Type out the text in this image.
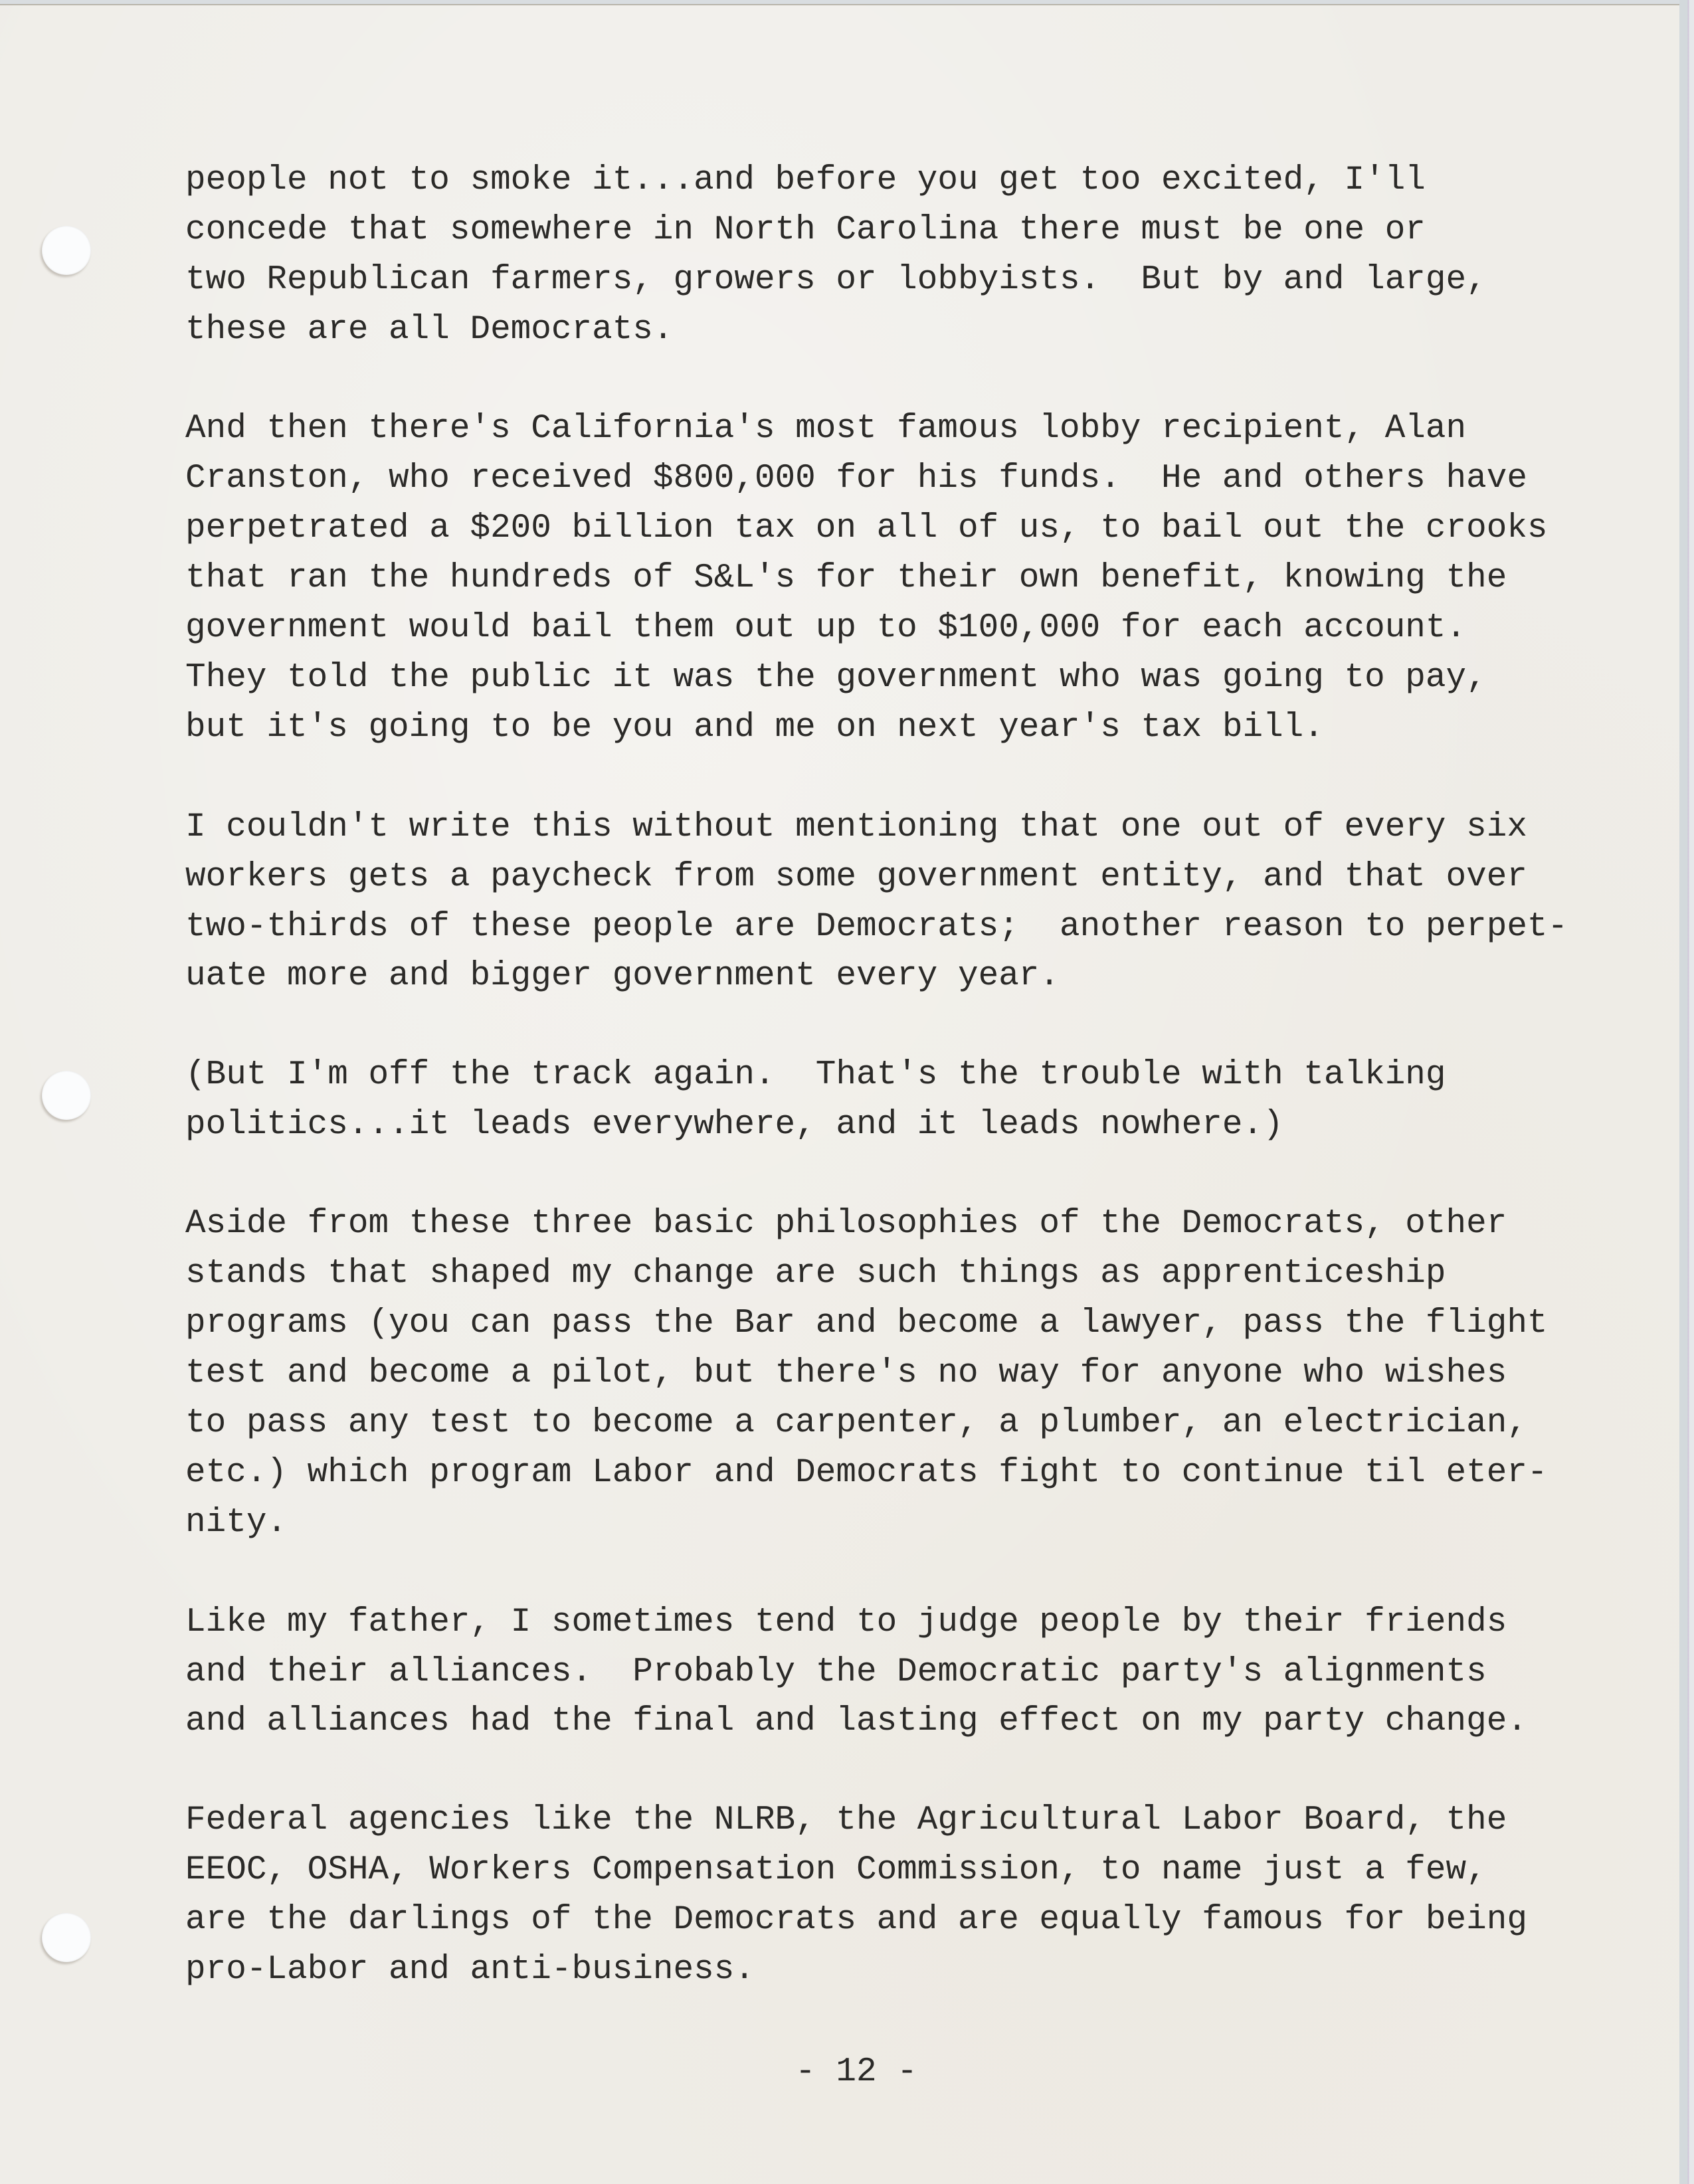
people not to smoke it...and before you get too excited, I'll
concede that somewhere in North Carolina there must be one or
two Republican farmers, growers or lobbyists.  But by and large,
these are all Democrats.
And then there's California's most famous lobby recipient, Alan
Cranston, who received $800,000 for his funds.  He and others have
perpetrated a $200 billion tax on all of us, to bail out the crooks
that ran the hundreds of S&L's for their own benefit, knowing the
government would bail them out up to $100,000 for each account.
They told the public it was the government who was going to pay,
but it's going to be you and me on next year's tax bill.
I couldn't write this without mentioning that one out of every six
workers gets a paycheck from some government entity, and that over
two-thirds of these people are Democrats;  another reason to perpet-
uate more and bigger government every year.
(But I'm off the track again.  That's the trouble with talking
politics...it leads everywhere, and it leads nowhere.)
Aside from these three basic philosophies of the Democrats, other
stands that shaped my change are such things as apprenticeship
programs (you can pass the Bar and become a lawyer, pass the flight
test and become a pilot, but there's no way for anyone who wishes
to pass any test to become a carpenter, a plumber, an electrician,
etc.) which program Labor and Democrats fight to continue til eter-
nity.
Like my father, I sometimes tend to judge people by their friends
and their alliances.  Probably the Democratic party's alignments
and alliances had the final and lasting effect on my party change.
Federal agencies like the NLRB, the Agricultural Labor Board, the
EEOC, OSHA, Workers Compensation Commission, to name just a few,
are the darlings of the Democrats and are equally famous for being
pro-Labor and anti-business.
- 12 -
